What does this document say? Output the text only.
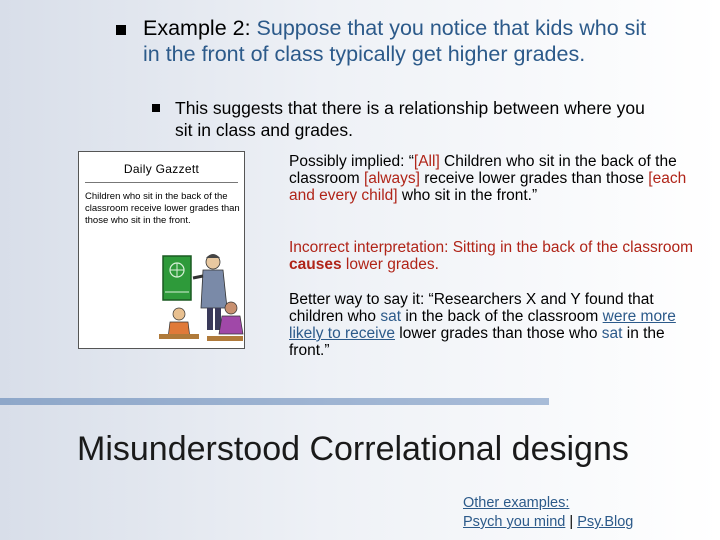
Example 2: Suppose that you notice that kids who sit in the front of class typically get higher grades.
This suggests that there is a relationship between where you sit in class and grades.
Daily Gazzett
Children who sit in the back of the classroom receive lower grades than those who sit in the front.
Possibly implied: “[All] Children who sit in the back of the classroom [always] receive lower grades than those [each and every child] who sit in the front.”
Incorrect interpretation: Sitting in the back of the classroom causes lower grades.
Better way to say it: “Researchers X and Y found that children who sat in the back of the classroom were more likely to receive lower grades than those who sat in the front.”
Misunderstood Correlational designs
Other examples:
Psych you mind | Psy.Blog
